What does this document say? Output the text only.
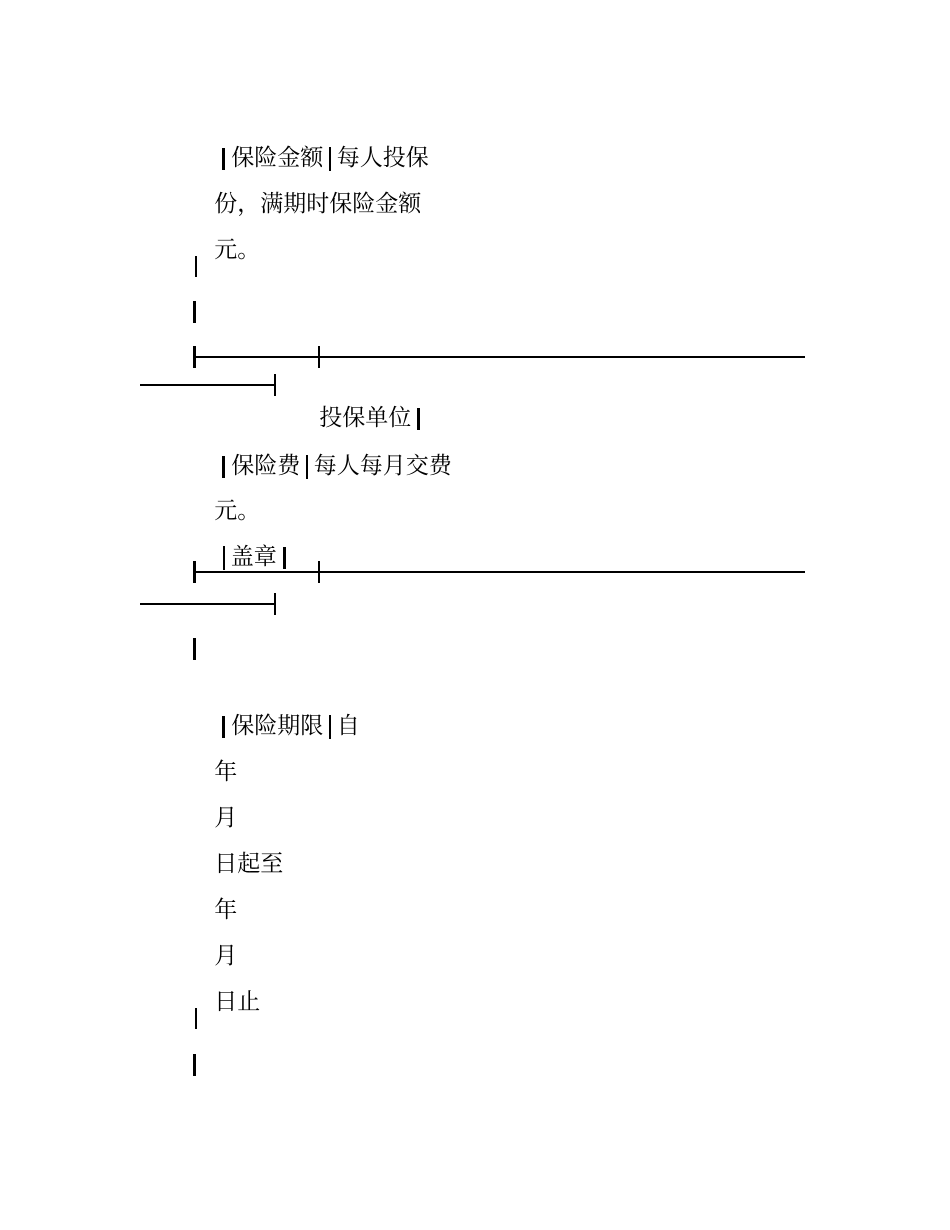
保险金额 每人投保

份，满期时保险金额

元。

投保单位

保险费 每人每月交费

元。

盖章

保险期限 自

年

月

日起至

年

月

日止
